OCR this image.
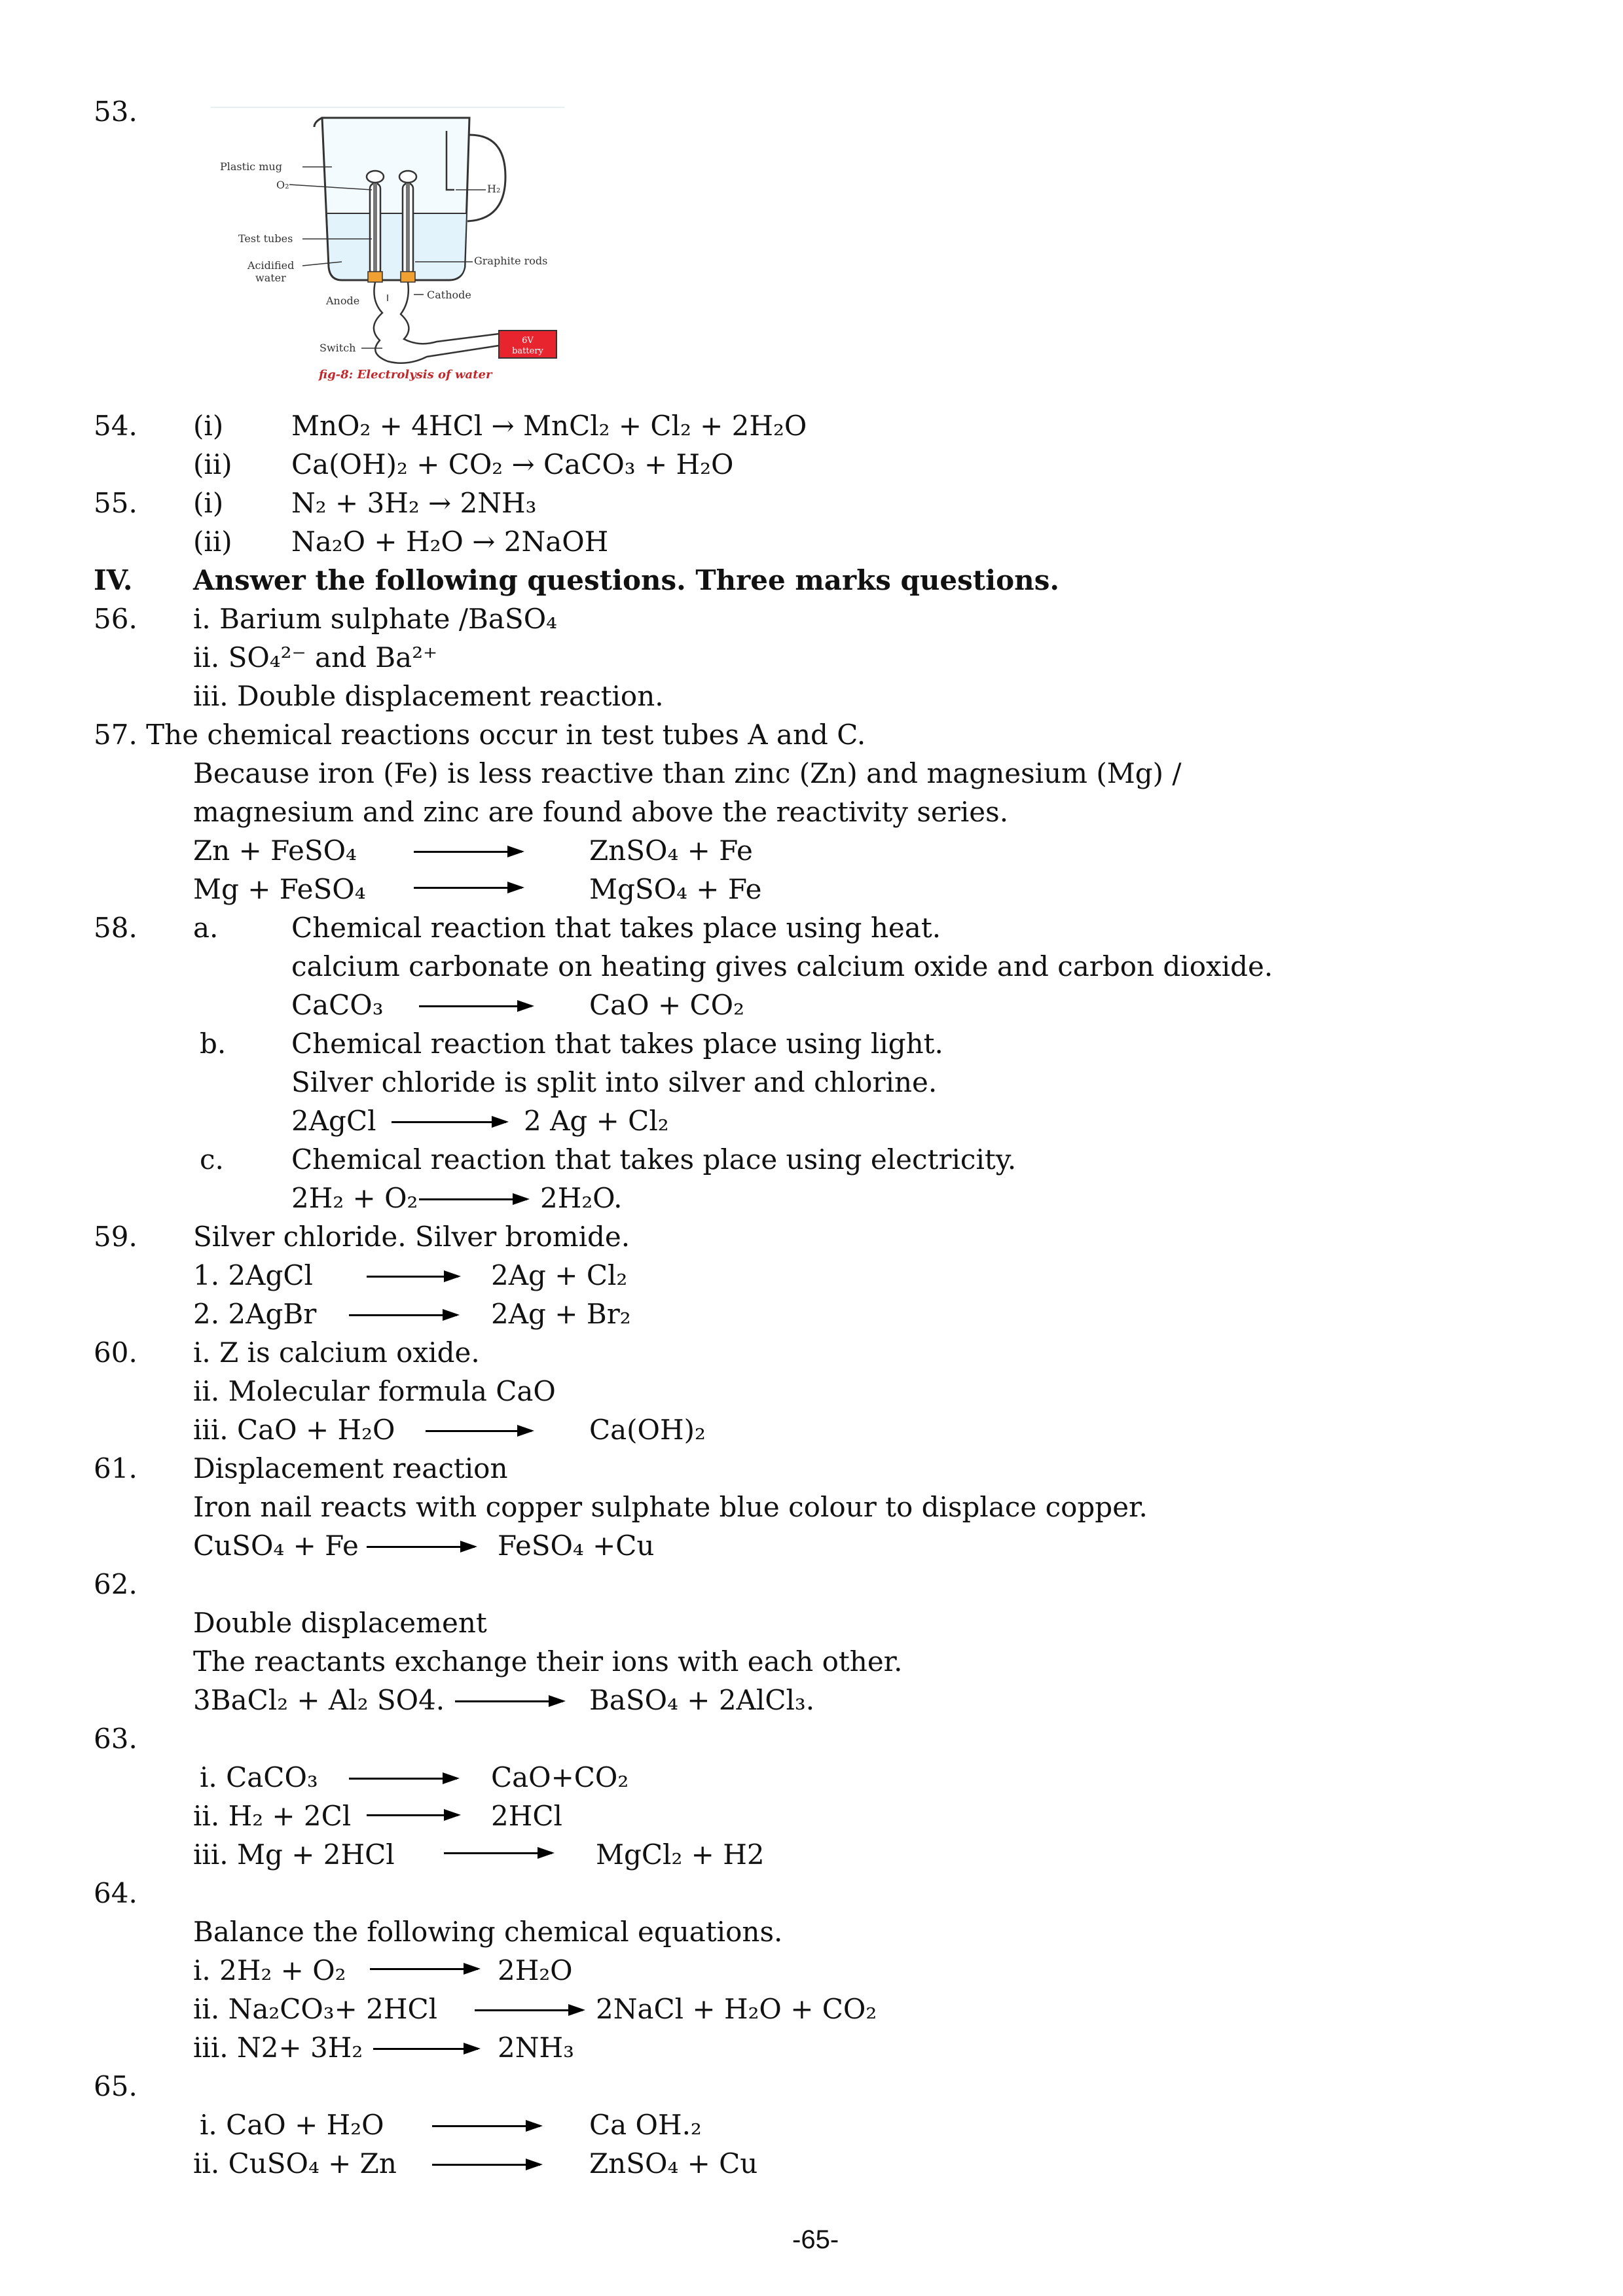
53.
6V
battery
Plastic mug
O₂	H₂
Test tubes
Acidified
water
Graphite rods
Anode	Cathode
Switch
fig-8: Electrolysis of water
54. (i) MnO₂ + 4HCl → MnCl₂ + Cl₂ + 2H₂O
(ii) Ca(OH)₂ + CO₂ → CaCO₃ + H₂O
55. (i) N₂ + 3H₂ → 2NH₃
(ii) Na₂O + H₂O → 2NaOH
IV. Answer the following questions. Three marks questions.
56. i. Barium sulphate /BaSO₄
ii. SO₄²⁻ and Ba²⁺
iii. Double displacement reaction.
57. The chemical reactions occur in test tubes A and C.
Because iron (Fe) is less reactive than zinc (Zn) and magnesium (Mg) /
magnesium and zinc are found above the reactivity series.
Zn + FeSO₄	ZnSO₄ + Fe
Mg + FeSO₄	MgSO₄ + Fe
58. a.	Chemical reaction that takes place using heat.
calcium carbonate on heating gives calcium oxide and carbon dioxide.
CaCO₃	CaO + CO₂
b. Chemical reaction that takes place using light.
Silver chloride is split into silver and chlorine.
2AgCl	2 Ag + Cl₂
c. Chemical reaction that takes place using electricity.
2H₂ + O₂	2H₂O.
59. Silver chloride. Silver bromide.
1. 2AgCl	2Ag + Cl₂
2. 2AgBr	2Ag + Br₂
60. i. Z is calcium oxide.
ii. Molecular formula CaO
iii. CaO + H₂O	Ca(OH)₂
61. Displacement reaction
Iron nail reacts with copper sulphate blue colour to displace copper.
CuSO₄ + Fe	FeSO₄ +Cu
62.
Double displacement
The reactants exchange their ions with each other.
3BaCl₂ + Al₂ SO4.	BaSO₄ + 2AlCl₃.
63.
i. CaCO₃	CaO+CO₂
ii. H₂ + 2Cl	2HCl
iii. Mg + 2HCl	MgCl₂ + H2
64.
Balance the following chemical equations.
i. 2H₂ + O₂	2H₂O
ii. Na₂CO₃+ 2HCl	2NaCl + H₂O + CO₂
iii. N2+ 3H₂	2NH₃
65.
i. CaO + H₂O	Ca OH.₂
ii. CuSO₄ + Zn	ZnSO₄ + Cu
-65-
